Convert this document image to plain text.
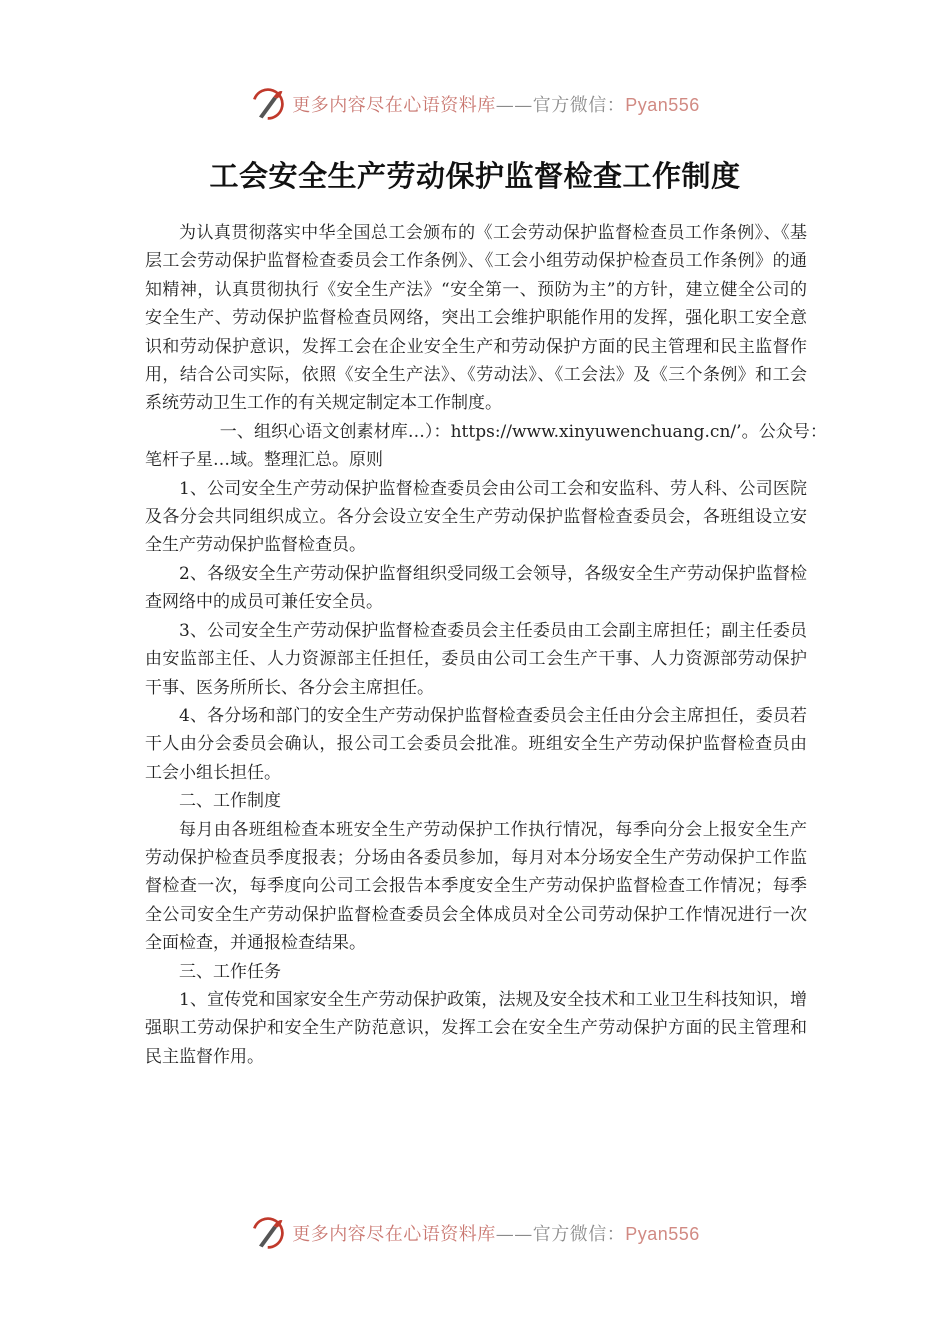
更多内容尽在心语资料库——官方微信：Pyan556
工会安全生产劳动保护监督检查工作制度

为认真贯彻落实中华全国总工会颁布的《工会劳动保护监督检查员工作条例》、《基层工会劳动保护监督检查委员会工作条例》、《工会小组劳动保护检查员工作条例》的通知精神，认真贯彻执行《安全生产法》“安全第一、预防为主”的方针，建立健全公司的安全生产、劳动保护监督检查员网络，突出工会维护职能作用的发挥，强化职工安全意识和劳动保护意识，发挥工会在企业安全生产和劳动保护方面的民主管理和民主监督作用，结合公司实际，依照《安全生产法》、《劳动法》、《工会法》及《三个条例》和工会系统劳动卫生工作的有关规定制定本工作制度。

一、组织心语文创素材库…）：https://www.xinyuwenchuang.cn/’。公众号：笔杆子星…域。整理汇总。原则

1、公司安全生产劳动保护监督检查委员会由公司工会和安监科、劳人科、公司医院及各分会共同组织成立。各分会设立安全生产劳动保护监督检查委员会，各班组设立安全生产劳动保护监督检查员。

2、各级安全生产劳动保护监督组织受同级工会领导，各级安全生产劳动保护监督检查网络中的成员可兼任安全员。

3、公司安全生产劳动保护监督检查委员会主任委员由工会副主席担任；副主任委员由安监部主任、人力资源部主任担任，委员由公司工会生产干事、人力资源部劳动保护干事、医务所所长、各分会主席担任。

4、各分场和部门的安全生产劳动保护监督检查委员会主任由分会主席担任，委员若干人由分会委员会确认，报公司工会委员会批准。班组安全生产劳动保护监督检查员由工会小组长担任。

二、工作制度

每月由各班组检查本班安全生产劳动保护工作执行情况，每季向分会上报安全生产劳动保护检查员季度报表；分场由各委员参加，每月对本分场安全生产劳动保护工作监督检查一次，每季度向公司工会报告本季度安全生产劳动保护监督检查工作情况；每季全公司安全生产劳动保护监督检查委员会全体成员对全公司劳动保护工作情况进行一次全面检查，并通报检查结果。

三、工作任务

1、宣传党和国家安全生产劳动保护政策，法规及安全技术和工业卫生科技知识，增强职工劳动保护和安全生产防范意识，发挥工会在安全生产劳动保护方面的民主管理和民主监督作用。

更多内容尽在心语资料库——官方微信：Pyan556
